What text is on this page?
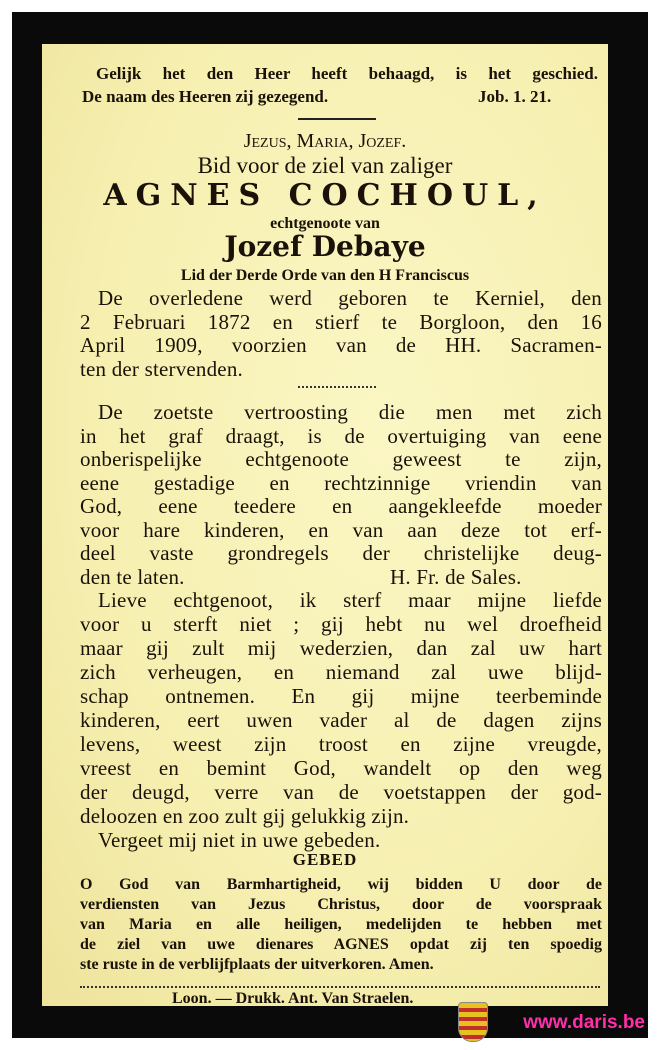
Gelijk het den Heer heeft behaagd, is het geschied.
De naam des Heeren zij gezegend.	Job. 1. 21.
Jezus, Maria, Jozef.
Bid voor de ziel van zaliger
AGNES COCHOUL,
echtgenoote van
Jozef Debaye
Lid der Derde Orde van den H Franciscus
De overledene werd geboren te Kerniel, den
2 Februari 1872 en stierf te Borgloon, den 16
April 1909, voorzien van de HH. Sacramen-
ten der stervenden.
De zoetste vertroosting die men met zich
in het graf draagt, is de overtuiging van eene
onberispelijke echtgenoote geweest te zijn,
eene gestadige en rechtzinnige vriendin van
God, eene teedere en aangekleefde moeder
voor hare kinderen, en van aan deze tot erf-
deel vaste grondregels der christelijke deug-
den te laten.	H. Fr. de Sales.
Lieve echtgenoot, ik sterf maar mijne liefde
voor u sterft niet ; gij hebt nu wel droefheid
maar gij zult mij wederzien, dan zal uw hart
zich verheugen, en niemand zal uwe blijd-
schap ontnemen. En gij mijne teerbeminde
kinderen, eert uwen vader al de dagen zijns
levens, weest zijn troost en zijne vreugde,
vreest en bemint God, wandelt op den weg
der deugd, verre van de voetstappen der god-
deloozen en zoo zult gij gelukkig zijn.
Vergeet mij niet in uwe gebeden.
GEBED
O God van Barmhartigheid, wij bidden U door de
verdiensten van Jezus Christus, door de voorspraak
van Maria en alle heiligen, medelijden te hebben met
de ziel van uwe dienares AGNES opdat zij ten spoedig
ste ruste in de verblijfplaats der uitverkoren. Amen.
Loon. — Drukk. Ant. Van Straelen.
www.daris.be
